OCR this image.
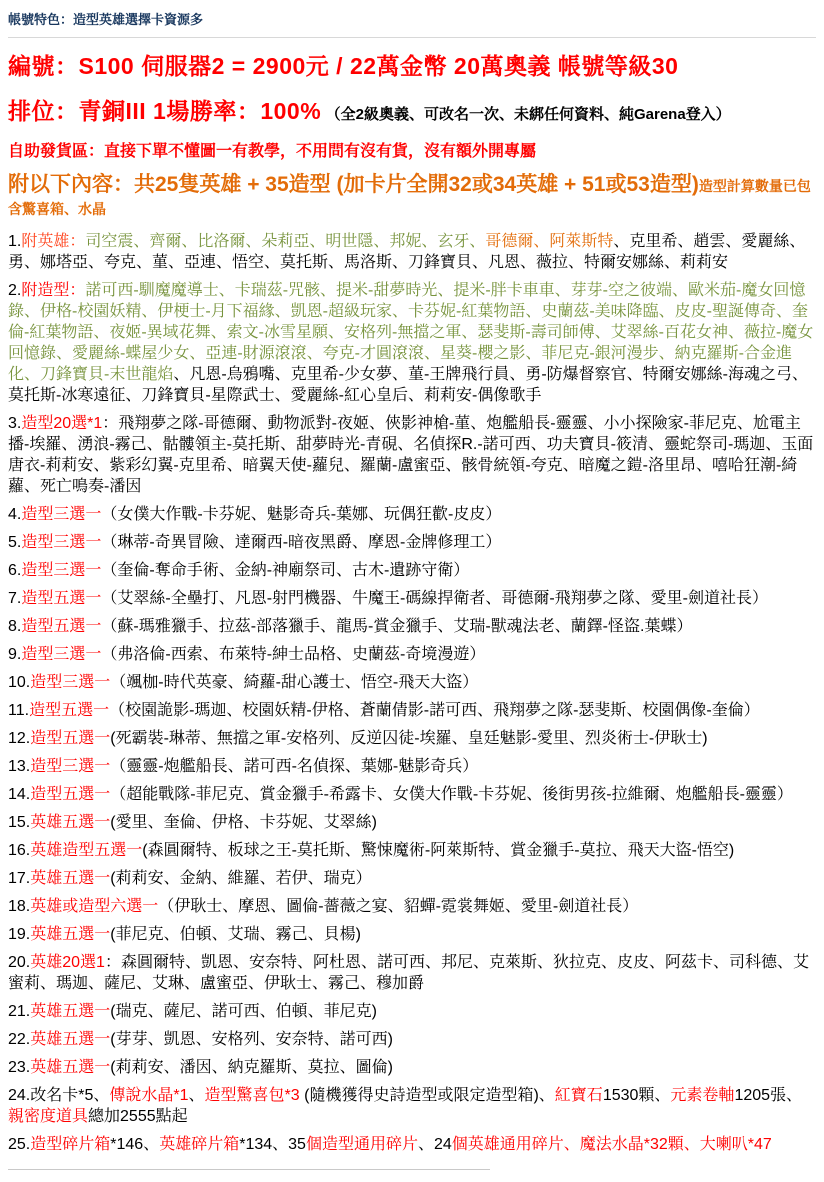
帳號特色：造型英雄選擇卡資源多
編號：S100 伺服器2 = 2900元 / 22萬金幣 20萬奧義 帳號等級30
排位：青銅III 1場勝率：100% （全2級奧義、可改名一次、未綁任何資料、純Garena登入）
自助發貨區：直接下單不懂圖一有教學，不用問有沒有貨，沒有額外開專屬
附以下內容：共25隻英雄 + 35造型 (加卡片全開32或34英雄 + 51或53造型)造型計算數量已包含驚喜箱、水晶
1.附英雄：司空震、齊爾、比洛爾、朵莉亞、明世隱、邦妮、玄牙、哥德爾、阿萊斯特、克里希、趙雲、愛麗絲、勇、娜塔亞、夸克、菫、亞連、悟空、莫托斯、馬洛斯、刀鋒寶貝、凡恩、薇拉、特爾安娜絲、莉莉安
2.附造型：諾可西-馴魔魔導士、卡瑞茲-咒骸、提米-甜夢時光、提米-胖卡車車、芽芽-空之彼端、歐米茄-魔女回憶錄、伊格-校園妖精、伊梗士-月下福緣、凱恩-超級玩家、卡芬妮-紅葉物語、史蘭茲-美味降臨、皮皮-聖誕傳奇、奎倫-紅葉物語、夜姬-異域花舞、索文-冰雪星願、安格列-無擋之軍、瑟斐斯-壽司師傅、艾翠絲-百花女神、薇拉-魔女回憶錄、愛麗絲-蝶屋少女、亞連-財源滾滾、夸克-才圓滾滾、星葵-櫻之影、菲尼克-銀河漫步、納克羅斯-合金進化、刀鋒寶貝-末世龍焰、凡恩-烏鴉嘴、克里希-少女夢、菫-王牌飛行員、勇-防爆督察官、特爾安娜絲-海魂之弓、莫托斯-冰寒遠征、刀鋒寶貝-星際武士、愛麗絲-紅心皇后、莉莉安-偶像歌手
3.造型20選*1：飛翔夢之隊-哥德爾、動物派對-夜姬、俠影神槍-菫、炮艦船長-靈靈、小小探險家-菲尼克、尬電主播-埃羅、湧浪-霧己、骷髏領主-莫托斯、甜夢時光-青硯、名偵探R.-諾可西、功夫寶貝-筱清、靈蛇祭司-瑪迦、玉面唐衣-莉莉安、紫彩幻翼-克里希、暗翼天使-蘿兒、羅蘭-盧蜜亞、骸骨統領-夸克、暗魔之鎧-洛里昂、嘻哈狂潮-綺蘿、死亡鳴奏-潘因
4.造型三選一（女僕大作戰-卡芬妮、魅影奇兵-葉娜、玩偶狂歡-皮皮）
5.造型三選一（琳蒂-奇異冒險、達爾西-暗夜黑爵、摩恩-金牌修理工）
6.造型三選一（奎倫-奪命手術、金納-神廟祭司、古木-遺跡守衛）
7.造型五選一（艾翠絲-全壘打、凡恩-射門機器、牛魔王-碼線捍衛者、哥德爾-飛翔夢之隊、愛里-劍道社長）
8.造型五選一（蘇-瑪雅獵手、拉茲-部落獵手、龍馬-賞金獵手、艾瑞-獸魂法老、蘭鐸-怪盜.葉蝶）
9.造型三選一（弗洛倫-西索、布萊特-紳士品格、史蘭茲-奇境漫遊）
10.造型三選一（颯枷-時代英豪、綺蘿-甜心護士、悟空-飛天大盜）
11.造型五選一（校園詭影-瑪迦、校園妖精-伊格、蒼蘭倩影-諾可西、飛翔夢之隊-瑟斐斯、校園偶像-奎倫）
12.造型五選一(死霸裝-琳蒂、無擋之軍-安格列、反逆囚徒-埃羅、皇廷魅影-愛里、烈炎術士-伊耿士)
13.造型三選一（靈靈-炮艦船長、諾可西-名偵探、葉娜-魅影奇兵）
14.造型五選一（超能戰隊-菲尼克、賞金獵手-希露卡、女僕大作戰-卡芬妮、後街男孩-拉維爾、炮艦船長-靈靈）
15.英雄五選一(愛里、奎倫、伊格、卡芬妮、艾翠絲)
16.英雄造型五選一(森圓爾特、板球之王-莫托斯、驚悚魔術-阿萊斯特、賞金獵手-莫拉、飛天大盜-悟空)
17.英雄五選一(莉莉安、金納、維羅、若伊、瑞克）
18.英雄或造型六選一（伊耿士、摩恩、圖倫-薔薇之宴、貂蟬-霓裳舞姬、愛里-劍道社長）
19.英雄五選一(菲尼克、伯頓、艾瑞、霧己、貝楊)
20.英雄20選1：森圓爾特、凱恩、安奈特、阿杜恩、諾可西、邦尼、克萊斯、狄拉克、皮皮、阿茲卡、司科德、艾蜜莉、瑪迦、薩尼、艾琳、盧蜜亞、伊耿士、霧己、穆加爵
21.英雄五選一(瑞克、薩尼、諾可西、伯頓、菲尼克)
22.英雄五選一(芽芽、凱恩、安格列、安奈特、諾可西)
23.英雄五選一(莉莉安、潘因、納克羅斯、莫拉、圖倫)
24.改名卡*5、傳說水晶*1、造型驚喜包*3 (隨機獲得史詩造型或限定造型箱)、紅寶石1530顆、元素卷軸1205張、親密度道具總加2555點起
25.造型碎片箱*146、英雄碎片箱*134、35個造型通用碎片、24個英雄通用碎片、魔法水晶*32顆、大喇叭*47
